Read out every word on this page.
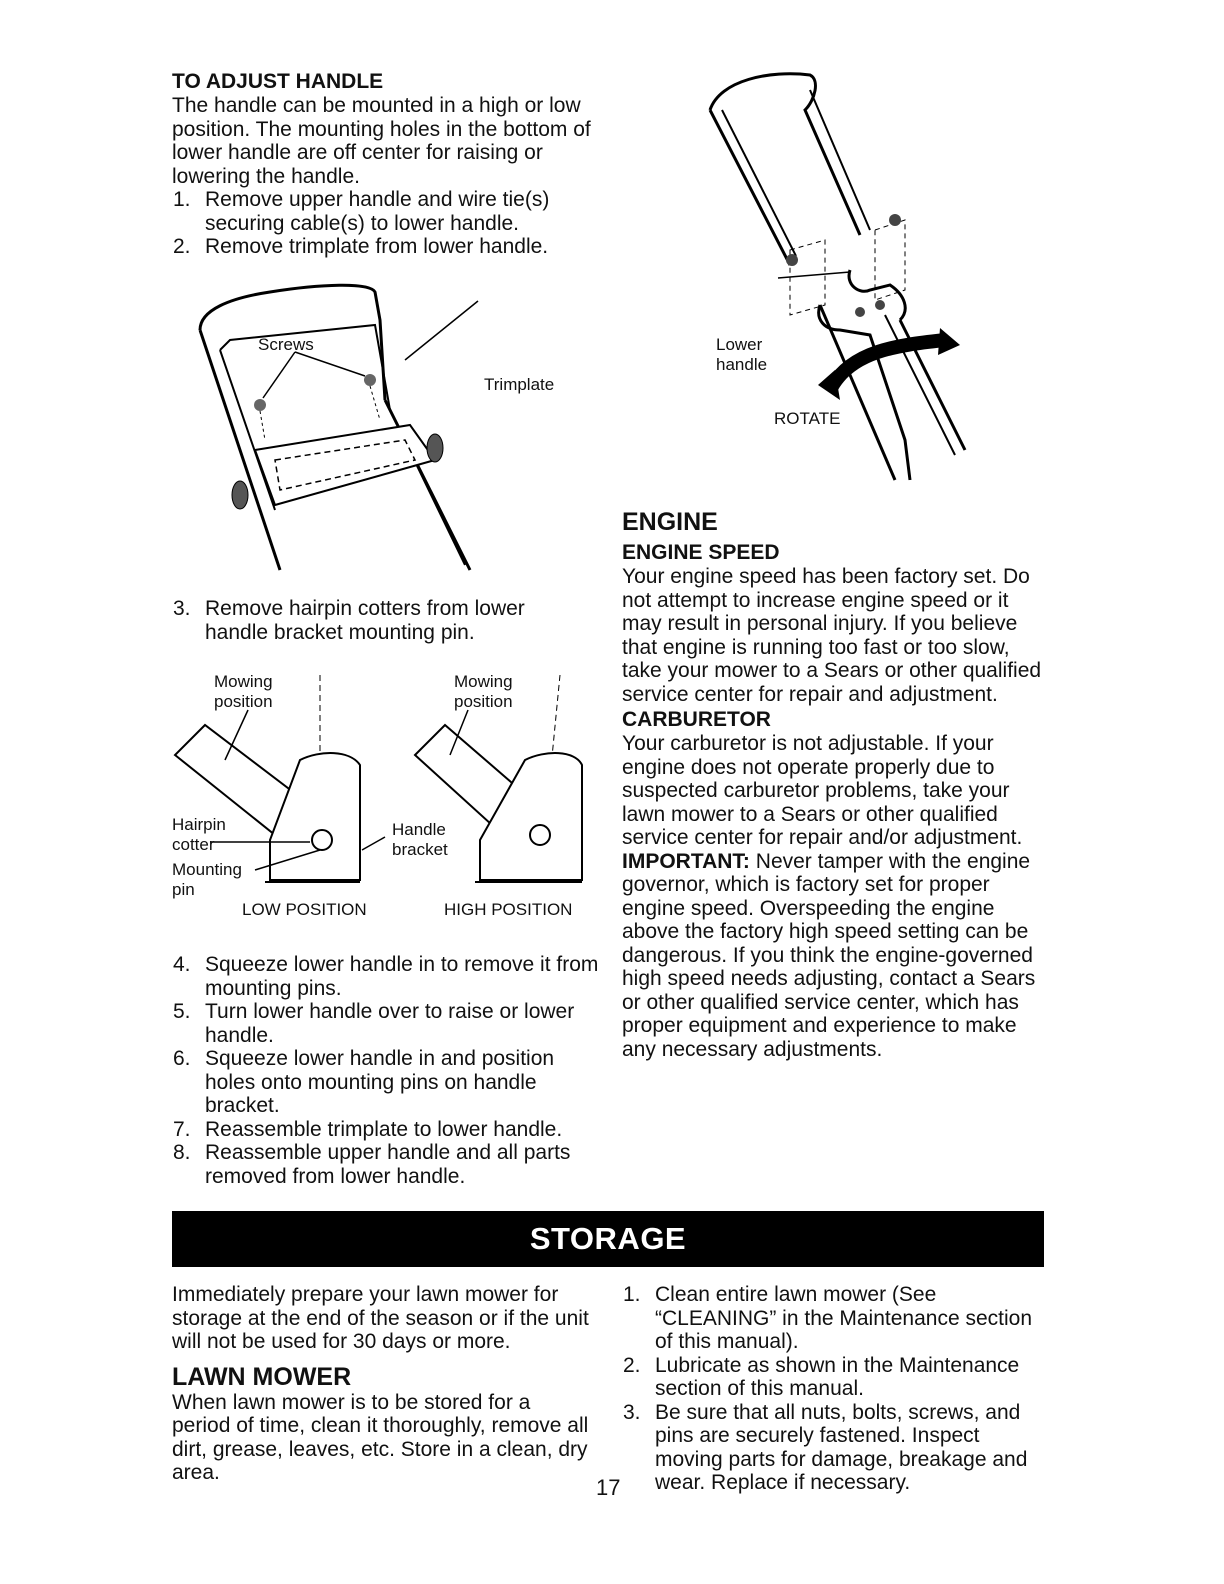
TO ADJUST HANDLE
The handle can be mounted in a high or low position. The mounting holes in the bottom of lower handle are off center for raising or lowering the handle.
1. Remove upper handle and wire tie(s) securing cable(s) to lower handle.
2. Remove trimplate from lower handle.
Screws
Trimplate
3. Remove hairpin cotters from lower handle bracket mounting pin.
Mowing
position
Mowing
position
Hairpin
cotter
Mounting
pin
Handle
bracket
LOW POSITION	HIGH POSITION
4. Squeeze lower handle in to remove it from mounting pins.
5. Turn lower handle over to raise or lower handle.
6. Squeeze lower handle in and position holes onto mounting pins on handle bracket.
7. Reassemble trimplate to lower handle.
8. Reassemble upper handle and all parts removed from lower handle.
Lower
handle
ROTATE
ENGINE
ENGINE SPEED
Your engine speed has been factory set. Do not attempt to increase engine speed or it may result in personal injury. If you believe that engine is running too fast or too slow, take your mower to a Sears or other qualified service center for repair and adjustment.
CARBURETOR
Your carburetor is not adjustable. If your engine does not operate properly due to suspected carburetor problems, take your lawn mower to a Sears or other qualified service center for repair and/or adjustment.
IMPORTANT: Never tamper with the engine governor, which is factory set for proper engine speed. Overspeeding the engine above the factory high speed setting can be dangerous. If you think the engine-governed high speed needs adjusting, contact a Sears or other qualified service center, which has proper equipment and experience to make any necessary adjustments.
STORAGE
Immediately prepare your lawn mower for storage at the end of the season or if the unit will not be used for 30 days or more.
LAWN MOWER
When lawn mower is to be stored for a period of time, clean it thoroughly, remove all dirt, grease, leaves, etc. Store in a clean, dry area.
1. Clean entire lawn mower (See “CLEANING” in the Maintenance section of this manual).
2. Lubricate as shown in the Maintenance section of this manual.
3. Be sure that all nuts, bolts, screws, and pins are securely fastened. Inspect moving parts for damage, breakage and wear. Replace if necessary.
17
